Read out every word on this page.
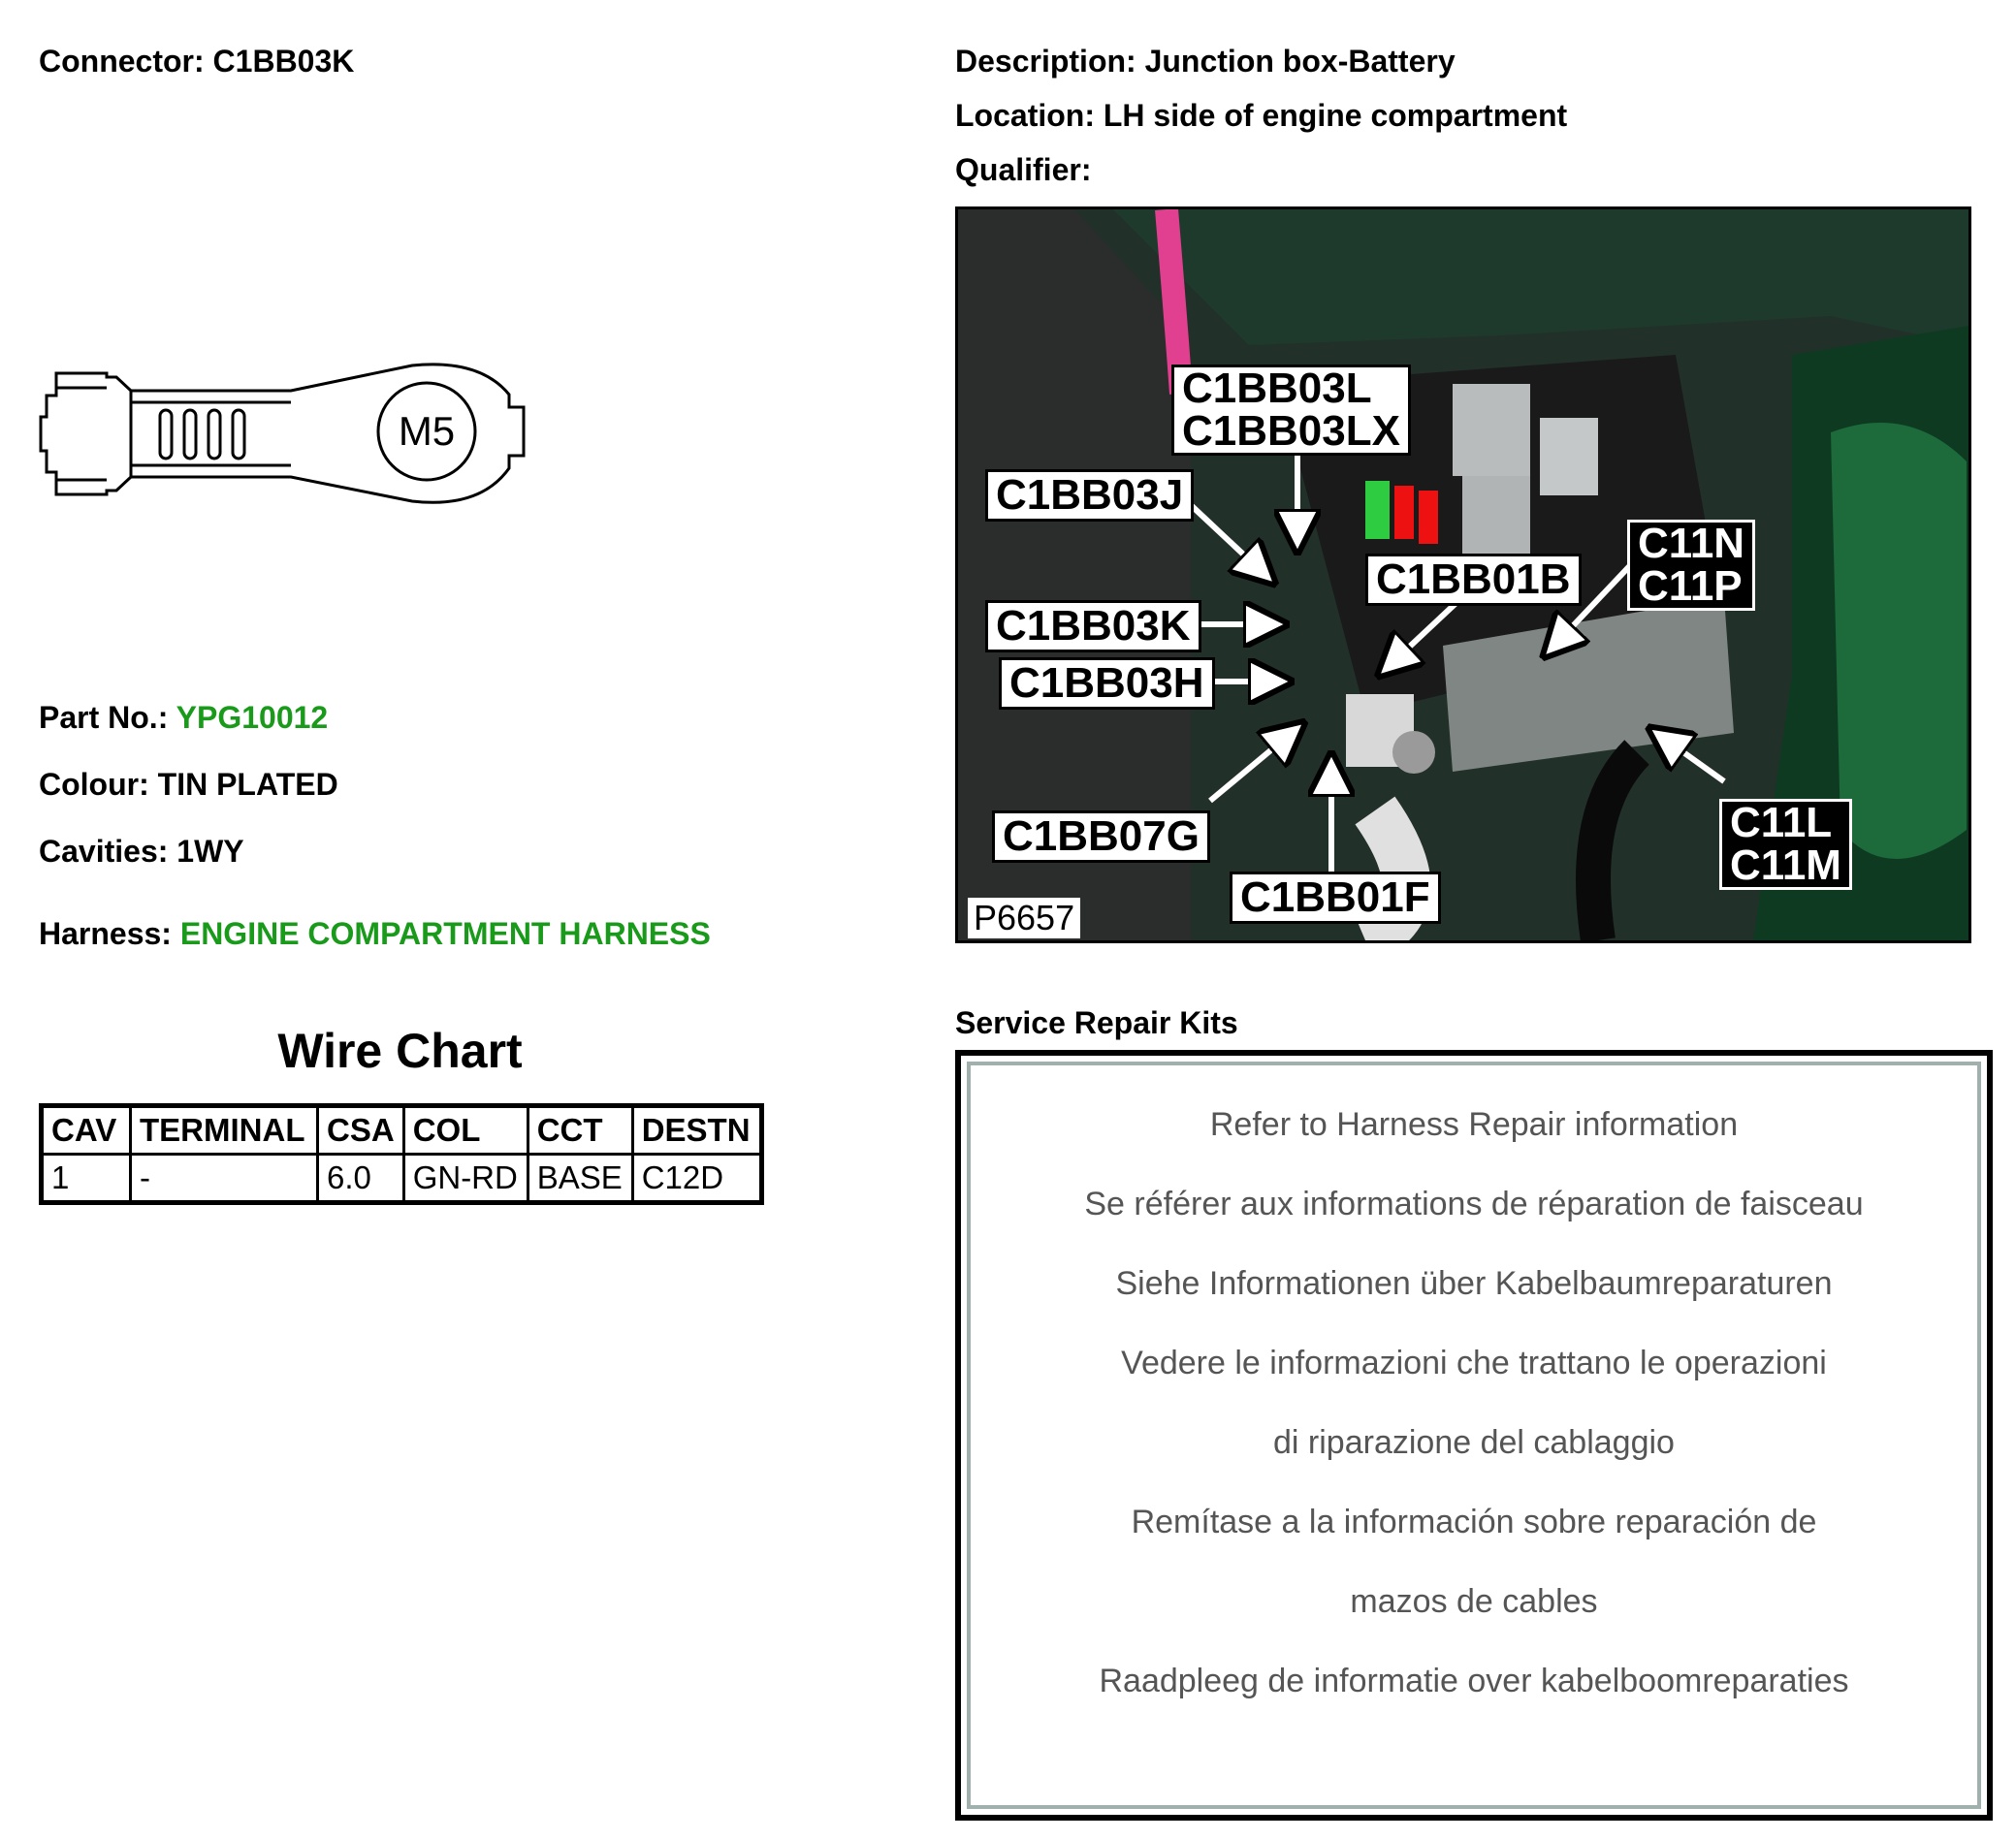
Connector: C1BB03K	Description: Junction box-Battery
Location: LH side of engine compartment
Qualifier:
M5
Part No.: YPG10012
Colour: TIN PLATED
Cavities: 1WY
Harness: ENGINE COMPARTMENT HARNESS
Wire Chart
CAV	TERMINAL	CSA	COL	CCT	DESTN
1	-	6.0	GN-RD	BASE	C12D
C1BB03L
C1BB03LX
C1BB03J
C1BB01B
C11N
C11P
C1BB03K
C1BB03H
C1BB07G
C1BB01F
C11L
C11M
P6657
Service Repair Kits
Refer to Harness Repair information
Se référer aux informations de réparation de faisceau
Siehe Informationen über Kabelbaumreparaturen
Vedere le informazioni che trattano le operazioni
di riparazione del cablaggio
Remítase a la información sobre reparación de
mazos de cables
Raadpleeg de informatie over kabelboomreparaties
